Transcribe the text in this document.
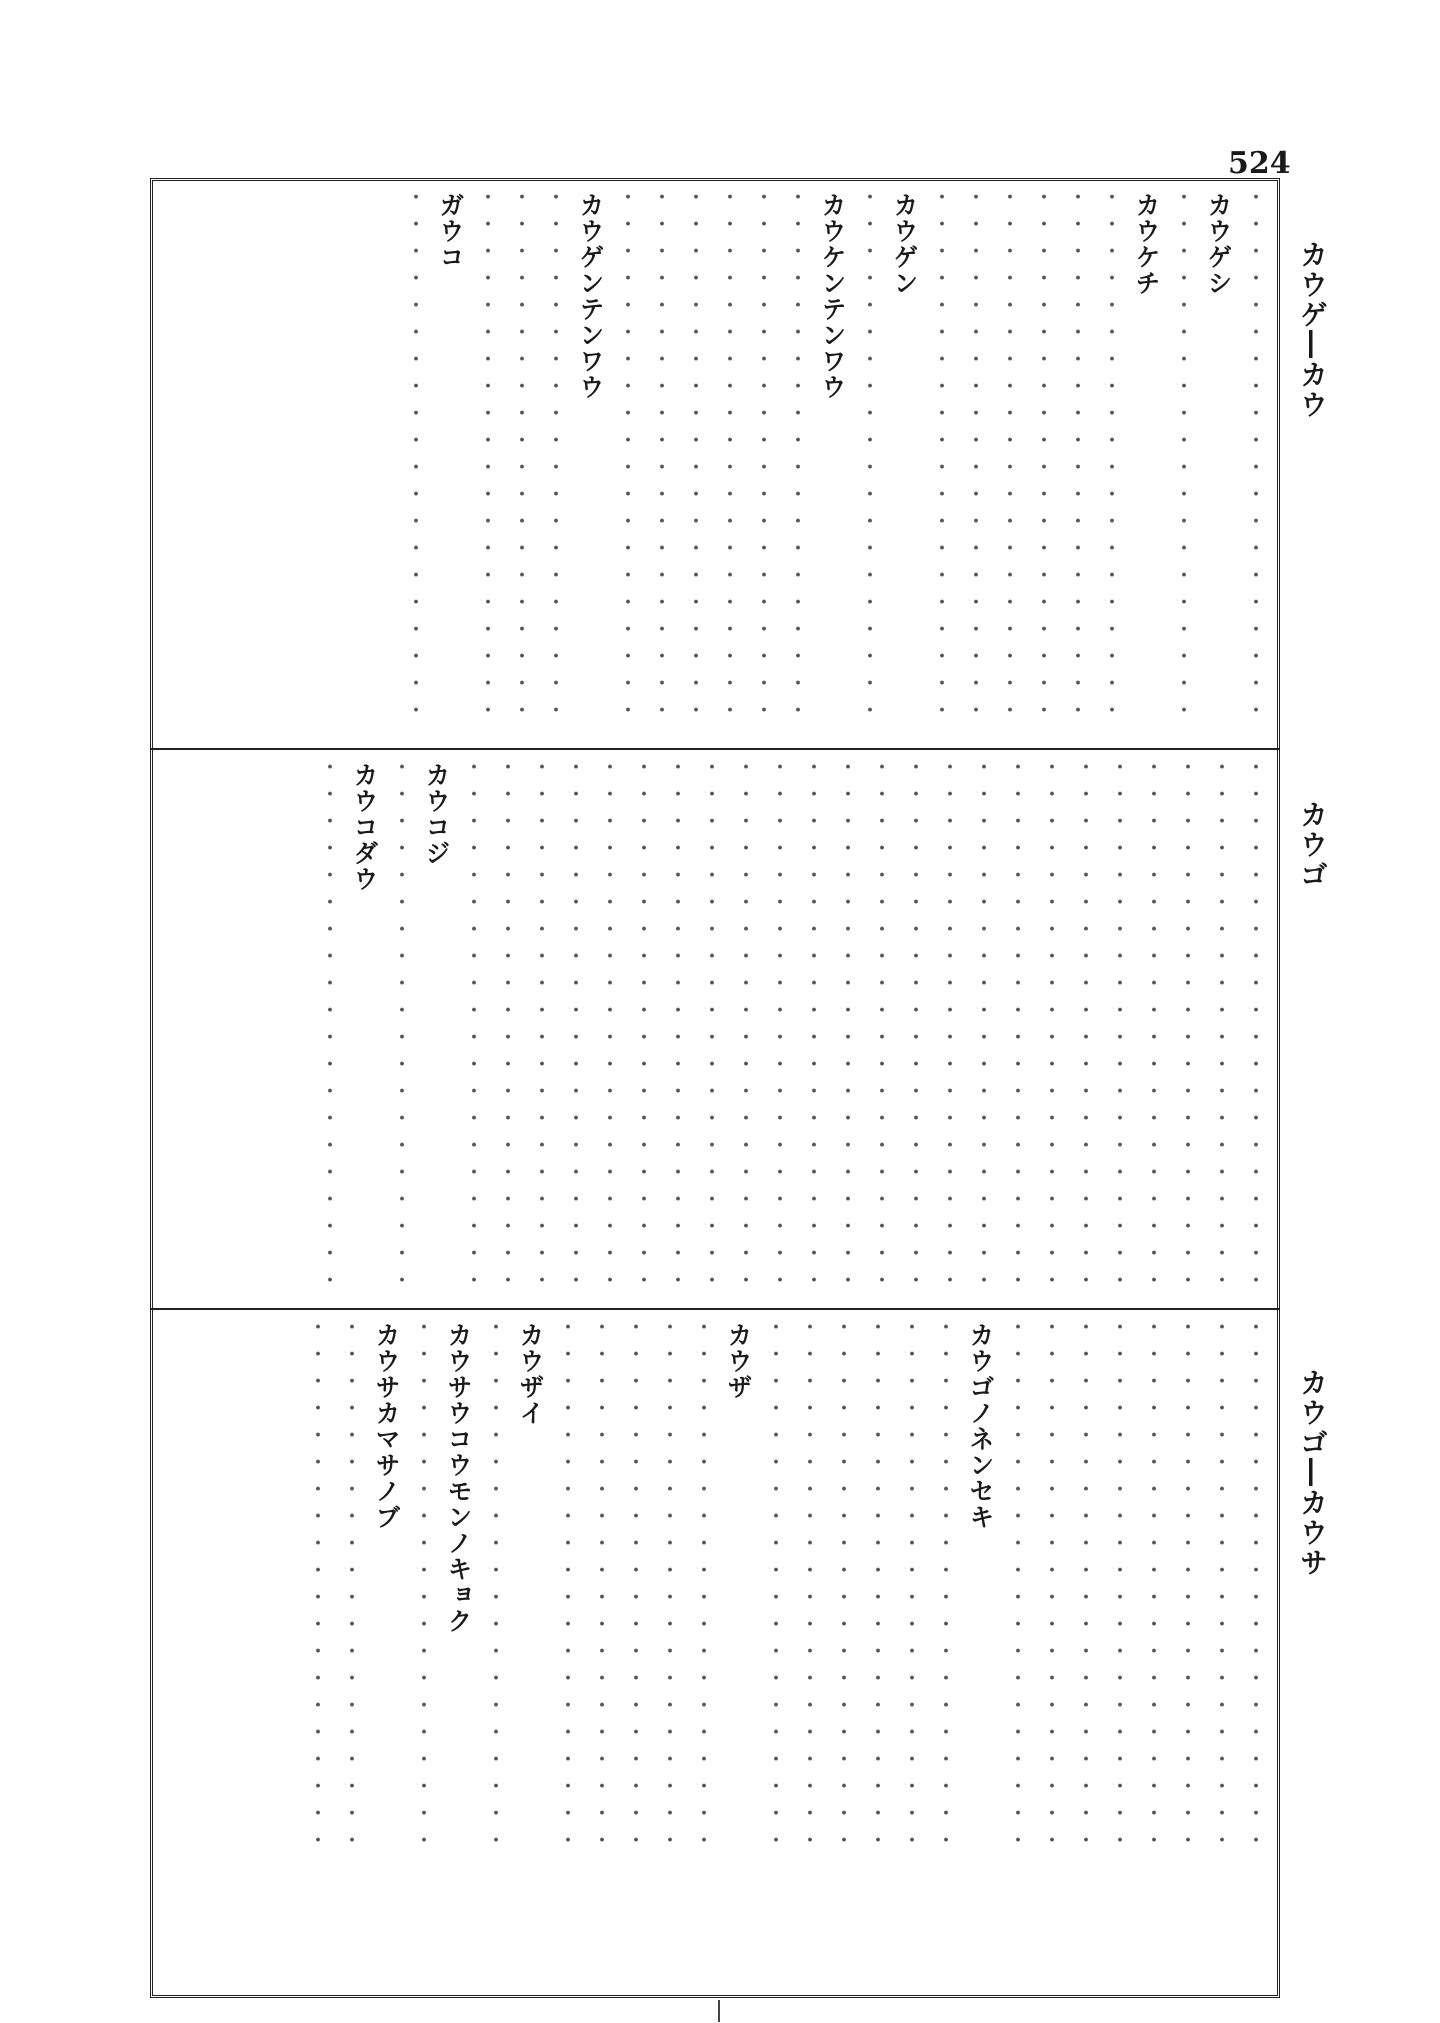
524
カウゲ―カウ
カウゴ
カウゴ―カウサ
・・・・・・・・・・・・・・・・・・・・
カウゲシ
・・・・・・・・・・・・・・・・・・・・
カウケチ
・・・・・・・・・・・・・・・・・・・・
・・・・・・・・・・・・・・・・・・・・
・・・・・・・・・・・・・・・・・・・・
・・・・・・・・・・・・・・・・・・・・
・・・・・・・・・・・・・・・・・・・・
・・・・・・・・・・・・・・・・・・・・
カウゲン
・・・・・・・・・・・・・・・・・・・・
カウケンテンワウ
・・・・・・・・・・・・・・・・・・・・
・・・・・・・・・・・・・・・・・・・・
・・・・・・・・・・・・・・・・・・・・
・・・・・・・・・・・・・・・・・・・・
・・・・・・・・・・・・・・・・・・・・
・・・・・・・・・・・・・・・・・・・・
カウゲンテンワウ
・・・・・・・・・・・・・・・・・・・・
・・・・・・・・・・・・・・・・・・・・
・・・・・・・・・・・・・・・・・・・・
ガウコ
・・・・・・・・・・・・・・・・・・・・
・・・・・・・・・・・・・・・・・・・・
・・・・・・・・・・・・・・・・・・・・
・・・・・・・・・・・・・・・・・・・・
・・・・・・・・・・・・・・・・・・・・
・・・・・・・・・・・・・・・・・・・・
・・・・・・・・・・・・・・・・・・・・
・・・・・・・・・・・・・・・・・・・・
・・・・・・・・・・・・・・・・・・・・
・・・・・・・・・・・・・・・・・・・・
・・・・・・・・・・・・・・・・・・・・
・・・・・・・・・・・・・・・・・・・・
・・・・・・・・・・・・・・・・・・・・
・・・・・・・・・・・・・・・・・・・・
・・・・・・・・・・・・・・・・・・・・
・・・・・・・・・・・・・・・・・・・・
・・・・・・・・・・・・・・・・・・・・
・・・・・・・・・・・・・・・・・・・・
・・・・・・・・・・・・・・・・・・・・
・・・・・・・・・・・・・・・・・・・・
・・・・・・・・・・・・・・・・・・・・
・・・・・・・・・・・・・・・・・・・・
・・・・・・・・・・・・・・・・・・・・
・・・・・・・・・・・・・・・・・・・・
・・・・・・・・・・・・・・・・・・・・
カウコジ
・・・・・・・・・・・・・・・・・・・・
カウコダウ
・・・・・・・・・・・・・・・・・・・・
・・・・・・・・・・・・・・・・・・・・
・・・・・・・・・・・・・・・・・・・・
・・・・・・・・・・・・・・・・・・・・
・・・・・・・・・・・・・・・・・・・・
・・・・・・・・・・・・・・・・・・・・
・・・・・・・・・・・・・・・・・・・・
・・・・・・・・・・・・・・・・・・・・
・・・・・・・・・・・・・・・・・・・・
カウゴノネンセキ
・・・・・・・・・・・・・・・・・・・・
・・・・・・・・・・・・・・・・・・・・
・・・・・・・・・・・・・・・・・・・・
・・・・・・・・・・・・・・・・・・・・
・・・・・・・・・・・・・・・・・・・・
・・・・・・・・・・・・・・・・・・・・
カウザ
・・・・・・・・・・・・・・・・・・・・
・・・・・・・・・・・・・・・・・・・・
・・・・・・・・・・・・・・・・・・・・
・・・・・・・・・・・・・・・・・・・・
・・・・・・・・・・・・・・・・・・・・
カウザイ
・・・・・・・・・・・・・・・・・・・・
カウサウコウモンノキョク
・・・・・・・・・・・・・・・・・・・・
カウサカマサノブ
・・・・・・・・・・・・・・・・・・・・
・・・・・・・・・・・・・・・・・・・・
